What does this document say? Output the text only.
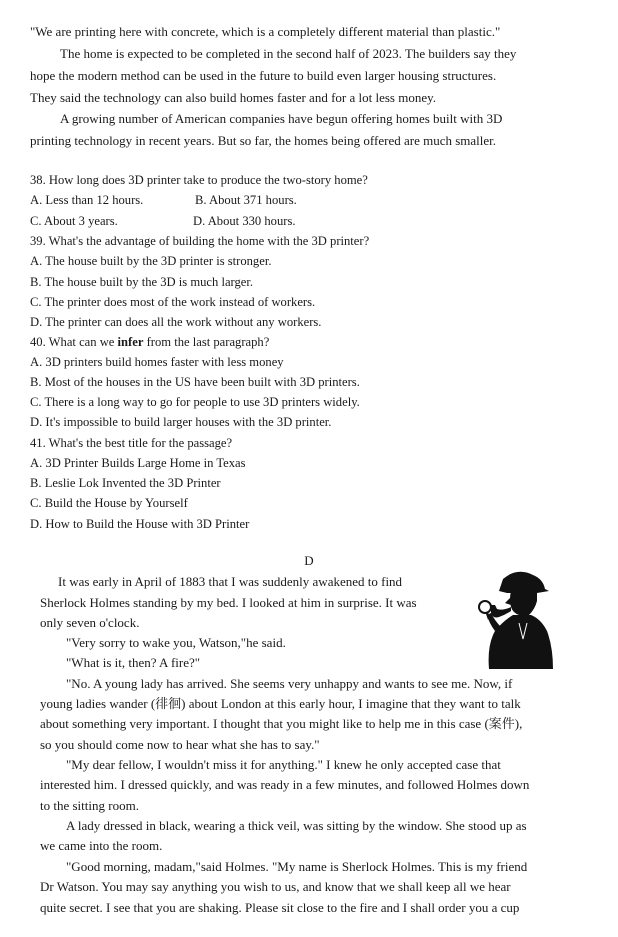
"We are printing here with concrete, which is a completely different material than plastic."
The home is expected to be completed in the second half of 2023. The builders say they
hope the modern method can be used in the future to build even larger housing structures.
They said the technology can also build homes faster and for a lot less money.
A growing number of American companies have begun offering homes built with 3D
printing technology in recent years. But so far, the homes being offered are much smaller.
38. How long does 3D printer take to produce the two-story home?
A. Less than 12 hours.	B. About 371 hours.
C. About 3 years.	D. About 330 hours.
39. What's the advantage of building the home with the 3D printer?
A. The house built by the 3D printer is stronger.
B. The house built by the 3D is much larger.
C. The printer does most of the work instead of workers.
D. The printer can does all the work without any workers.
40. What can we infer from the last paragraph?
A. 3D printers build homes faster with less money
B. Most of the houses in the US have been built with 3D printers.
C. There is a long way to go for people to use 3D printers widely.
D. It's impossible to build larger houses with the 3D printer.
41. What's the best title for the passage?
A. 3D Printer Builds Large Home in Texas
B. Leslie Lok Invented the 3D Printer
C. Build the House by Yourself
D. How to Build the House with 3D Printer
D
It was early in April of 1883 that I was suddenly awakened to find
Sherlock Holmes standing by my bed. I looked at him in surprise. It was
only seven o'clock.
"Very sorry to wake you, Watson,"he said.
"What is it, then? A fire?"
"No. A young lady has arrived. She seems very unhappy and wants to see me. Now, if
young ladies wander (徘徊) about London at this early hour, I imagine that they want to talk
about something very important. I thought that you might like to help me in this case (案件),
so you should come now to hear what she has to say."
"My dear fellow, I wouldn't miss it for anything." I knew he only accepted case that
interested him. I dressed quickly, and was ready in a few minutes, and followed Holmes down
to the sitting room.
A lady dressed in black, wearing a thick veil, was sitting by the window. She stood up as
we came into the room.
"Good morning, madam,"said Holmes. "My name is Sherlock Holmes. This is my friend
Dr Watson. You may say anything you wish to us, and know that we shall keep all we hear
quite secret. I see that you are shaking. Please sit close to the fire and I shall order you a cup
